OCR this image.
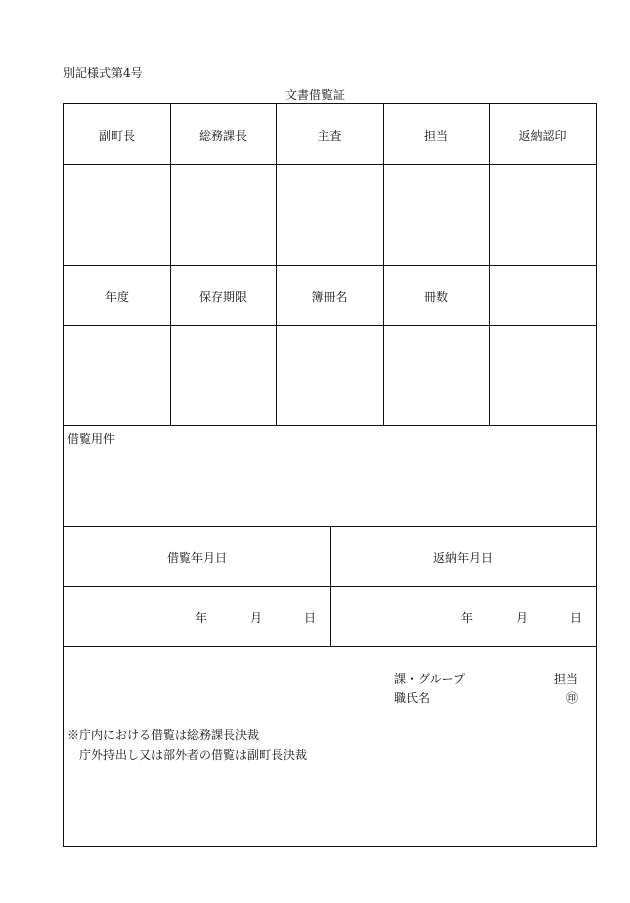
別記様式第4号
文書借覧証
副町長	総務課長	主査	担当	返納認印
年度	保存期限	簿冊名	冊数
借覧用件
借覧年月日	返納年月日
年	月	日	年	月	日
課・グループ	担当
職氏名	㊞
※庁内における借覧は総務課長決裁
庁外持出し又は部外者の借覧は副町長決裁
